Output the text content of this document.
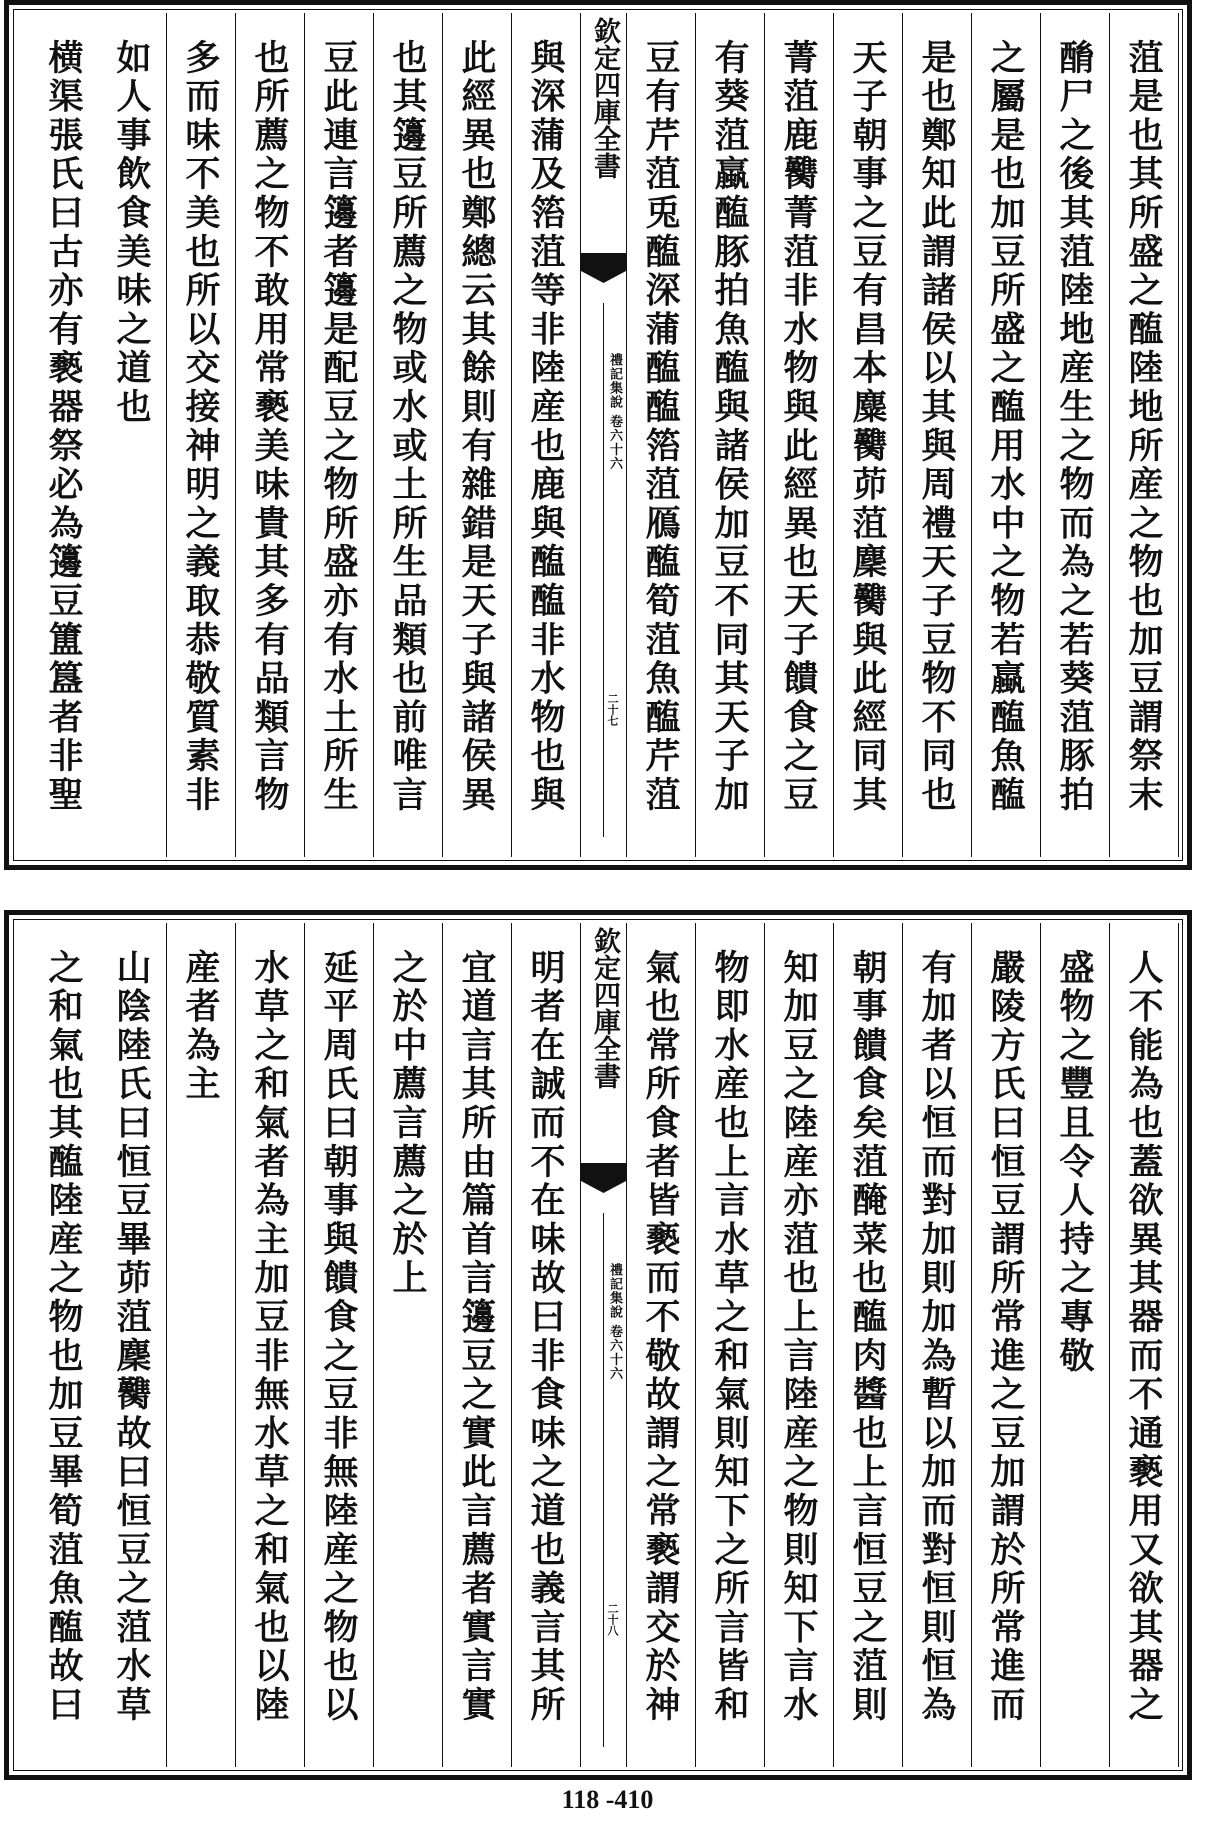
菹是也其所盛之醢陸地所産之物也加豆謂祭末
酳尸之後其菹陸地産生之物而為之若葵菹豚拍
之屬是也加豆所盛之醢用水中之物若蠃醢魚醢
是也鄭知此謂諸侯以其與周禮天子豆物不同也
天子朝事之豆有昌本麋臡茆菹麇臡與此經同其
菁菹鹿臡菁菹非水物與此經異也天子饋食之豆
有葵菹蠃醢豚拍魚醢與諸侯加豆不同其天子加
豆有芹菹兎醢深蒲醢醢箈菹鴈醢筍菹魚醢芹菹
欽定四庫全書
禮記集說 卷六十六
二十七
與深蒲及箈菹等非陸産也鹿與醢醢非水物也與
此經異也鄭總云其餘則有雜錯是天子與諸侯異
也其籩豆所薦之物或水或土所生品類也前唯言
豆此連言籩者籩是配豆之物所盛亦有水土所生
也所薦之物不敢用常褻美味貴其多有品類言物
多而味不美也所以交接神明之義取恭敬質素非
如人事飲食美味之道也
横渠張氏曰古亦有褻器祭必為籩豆簠簋者非聖
人不能為也蓋欲異其器而不通褻用又欲其器之
盛物之豐且令人持之專敬
嚴陵方氏曰恒豆謂所常進之豆加謂於所常進而
有加者以恒而對加則加為暫以加而對恒則恒為
朝事饋食矣菹醃菜也醢肉醬也上言恒豆之菹則
知加豆之陸産亦菹也上言陸産之物則知下言水
物即水産也上言水草之和氣則知下之所言皆和
氣也常所食者皆褻而不敬故謂之常褻謂交於神
欽定四庫全書
禮記集說 卷六十六
二十八
明者在誠而不在味故曰非食味之道也義言其所
宜道言其所由篇首言籩豆之實此言薦者實言實
之於中薦言薦之於上
延平周氏曰朝事與饋食之豆非無陸産之物也以
水草之和氣者為主加豆非無水草之和氣也以陸
産者為主
山陰陸氏曰恒豆畢茆菹麇臡故曰恒豆之菹水草
之和氣也其醢陸産之物也加豆畢筍菹魚醢故曰
118 -410
